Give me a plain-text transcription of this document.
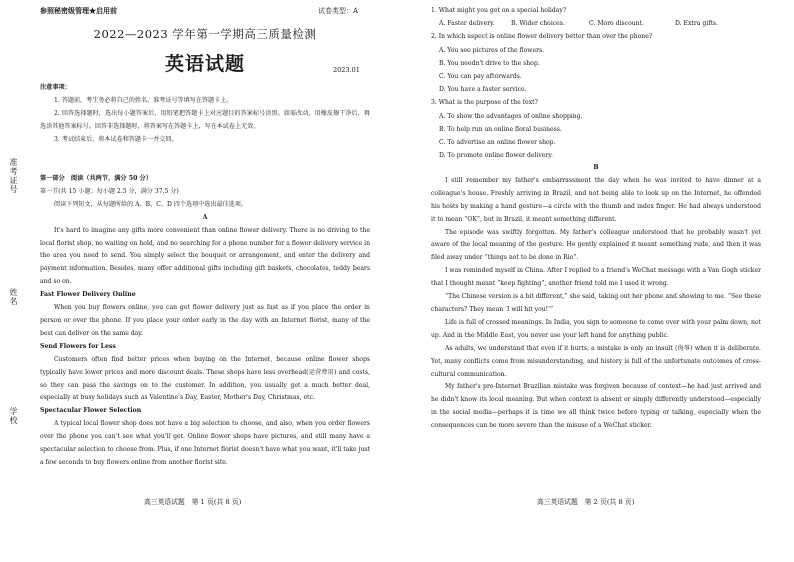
准考证号
姓名
学校
参照秘密级管理★启用前	试卷类型：A
2022—2023 学年第一学期高三质量检测
英语试题	2023.01

注意事项：

1. 答题前，考生务必将自己的姓名、准考证号等填写在答题卡上。

2. 回答选择题时，选出每小题答案后，用铅笔把答题卡上对应题目的答案标号涂黑。如需改动，用橡皮擦干净后，再选涂其他答案标号。回答非选择题时，将答案写在答题卡上，写在本试卷上无效。

3. 考试结束后，将本试卷和答题卡一并交回。

第一部分　阅读（共两节，满分 50 分）

第一节(共 15 小题；每小题 2.5 分，满分 37.5 分)

阅读下列短文，从每题所给的 A、B、C、D 四个选项中选出最佳选项。

A

It's hard to imagine any gifts more convenient than online flower delivery. There is no driving to the local florist shop, no waiting on hold, and no searching for a phone number for a flower delivery service in the area you need to send. You simply select the bouquet or arrangement, and enter the delivery and payment information. Besides, many offer additional gifts including gift baskets, chocolates, teddy bears and so on.

Fast Flower Delivery Online

When you buy flowers online, you can get flower delivery just as fast as if you place the order in person or over the phone. If you place your order early in the day with an Internet florist, many of the best can deliver on the same day.

Send Flowers for Less

Customers often find better prices when buying on the Internet, because online flower shops typically have lower prices and more discount deals. These shops have less overhead(运营费用) and costs, so they can pass the savings on to the customer. In addition, you usually get a much better deal, especially at busy holidays such as Valentine's Day, Easter, Mother's Day, Christmas, etc.

Spectacular Flower Selection

A typical local flower shop does not have a big selection to choose, and also, when you order flowers over the phone you can't see what you'll get. Online flower shops have pictures, and still many have a spectacular selection to choose from. Plus, if one Internet florist doesn't have what you want, it'll take just a few seconds to buy flowers online from another florist site.

高三英语试题　第 1 页(共 8 页)

1. What might you get on a special holiday?

A. Faster delivery.	B. Wider choices.	C. More discount.	D. Extra gifts.

2. In which aspect is online flower delivery better than over the phone?

A. You see pictures of the flowers.

B. You needn't drive to the shop.

C. You can pay afterwards.

D. You have a faster service.

3. What is the purpose of the text?

A. To show the advantages of online shopping.

B. To help run an online floral business.

C. To advertise an online flower shop.

D. To promote online flower delivery.

B

I still remember my father's embarrassment the day when he was invited to have dinner at a colleague's house. Freshly arriving in Brazil, and not being able to look up on the Internet, he offended his hosts by making a hand gesture—a circle with the thumb and index finger. He had always understood it to mean “OK”, but in Brazil, it meant something different.

The episode was swiftly forgotten. My father's colleague understood that he probably wasn't yet aware of the local meaning of the gesture. He gently explained it meant something rude, and then it was filed away under “things not to be done in Rio”.

I was reminded myself in China. After I replied to a friend's WeChat message with a Van Gogh sticker that I thought meant “keep fighting”, another friend told me I used it wrong.

“The Chinese version is a bit different,” she said, taking out her phone and showing to me. “See these characters? They mean ‘I will hit you!’”

Life is full of crossed meanings. In India, you sign to someone to come over with your palm down, not up. And in the Middle East, you never use your left hand for anything public.

As adults, we understand that even if it hurts, a mistake is only an insult (侮辱) when it is deliberate. Yet, many conflicts come from misunderstanding, and history is full of the unfortunate outcomes of cross-cultural communication.

My father's pre-Internet Brazilian mistake was forgiven because of context—he had just arrived and he didn't know its local meaning. But when context is absent or simply differently understood—especially in the social media—perhaps it is time we all think twice before typing or talking, especially when the consequences can be more severe than the misuse of a WeChat sticker.

高三英语试题　第 2 页(共 8 页)
